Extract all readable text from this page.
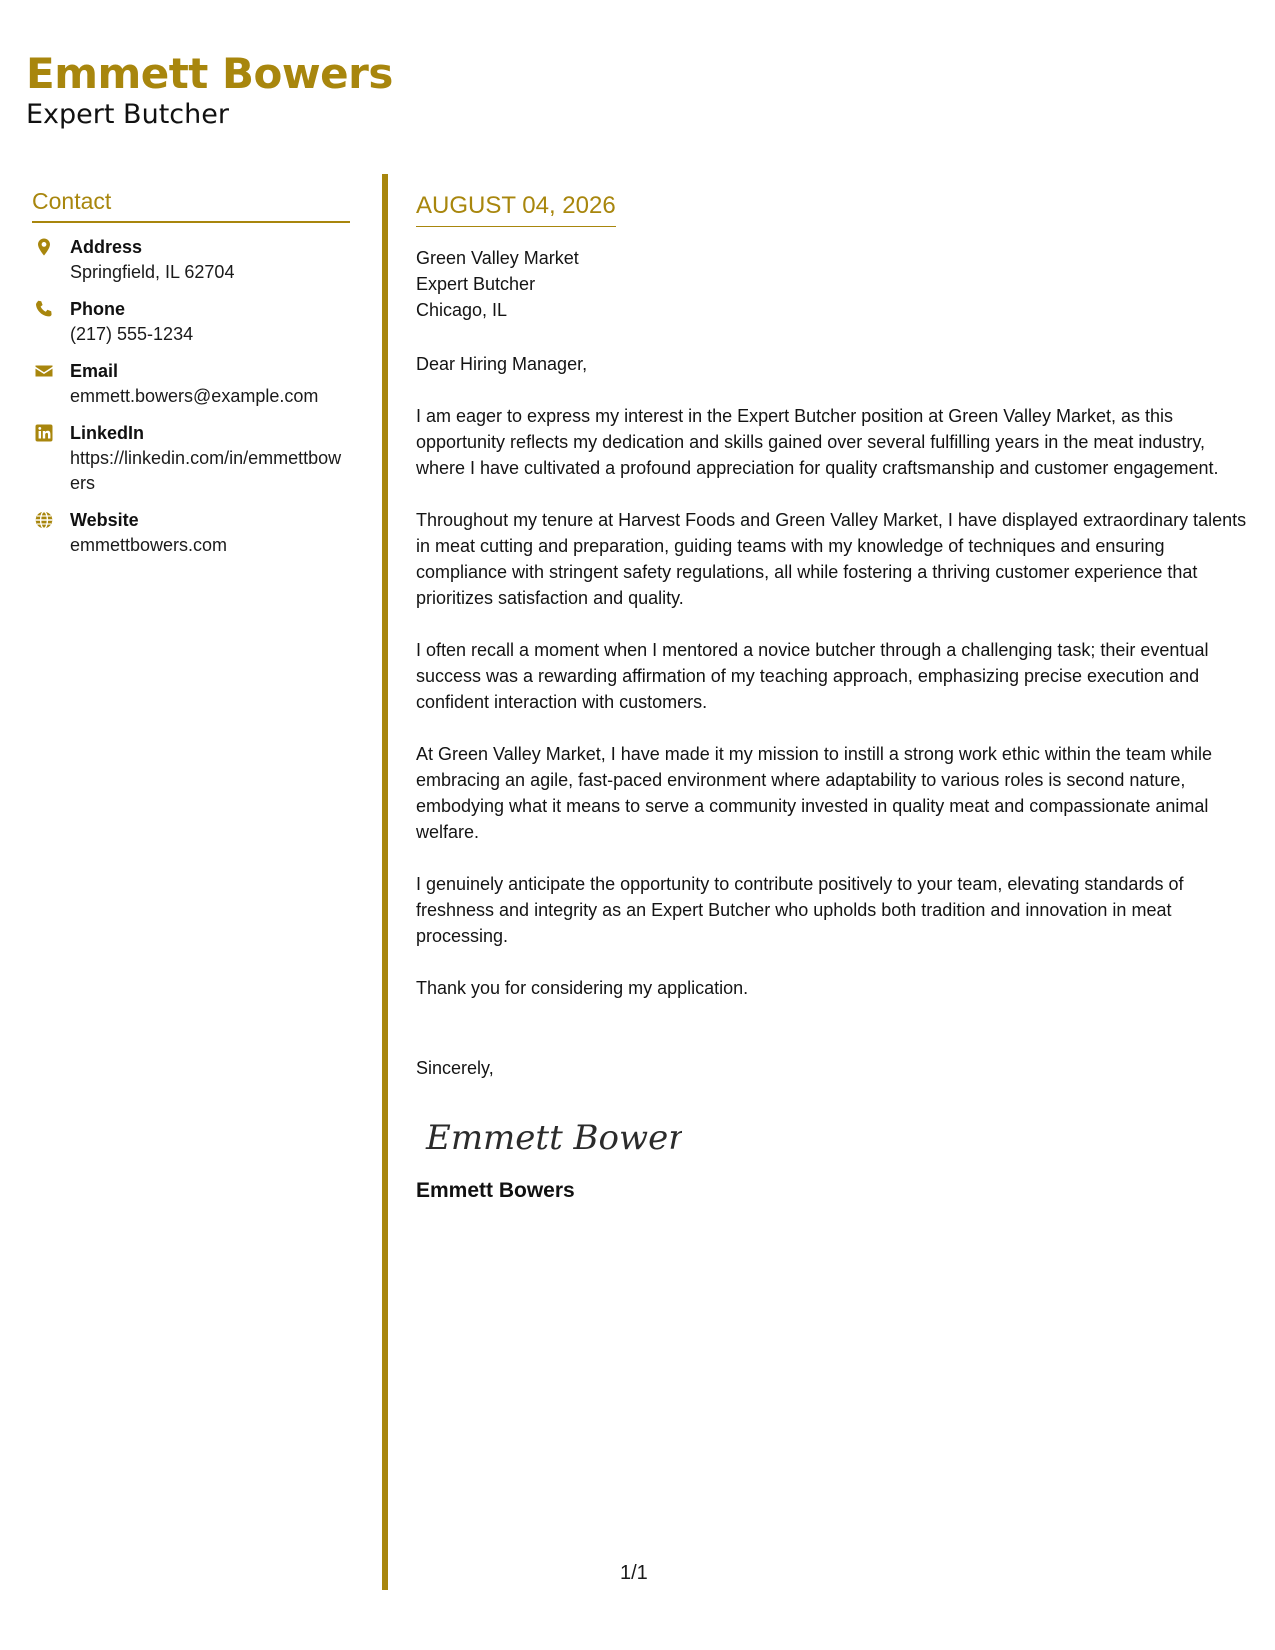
Emmett Bowers
Expert Butcher
Contact
Address
Springfield, IL 62704
Phone
(217) 555-1234
Email
emmett.bowers@example.com
LinkedIn
https://linkedin.com/in/emmettbowers
Website
emmettbowers.com
AUGUST 04, 2026
Green Valley Market
Expert Butcher
Chicago, IL
Dear Hiring Manager,
I am eager to express my interest in the Expert Butcher position at Green Valley Market, as this opportunity reflects my dedication and skills gained over several fulfilling years in the meat industry, where I have cultivated a profound appreciation for quality craftsmanship and customer engagement.
Throughout my tenure at Harvest Foods and Green Valley Market, I have displayed extraordinary talents in meat cutting and preparation, guiding teams with my knowledge of techniques and ensuring compliance with stringent safety regulations, all while fostering a thriving customer experience that prioritizes satisfaction and quality.
I often recall a moment when I mentored a novice butcher through a challenging task; their eventual success was a rewarding affirmation of my teaching approach, emphasizing precise execution and confident interaction with customers.
At Green Valley Market, I have made it my mission to instill a strong work ethic within the team while embracing an agile, fast-paced environment where adaptability to various roles is second nature, embodying what it means to serve a community invested in quality meat and compassionate animal welfare.
I genuinely anticipate the opportunity to contribute positively to your team, elevating standards of freshness and integrity as an Expert Butcher who upholds both tradition and innovation in meat processing.
Thank you for considering my application.
Sincerely,
Emmett Bowers
Emmett Bowers
1/1
